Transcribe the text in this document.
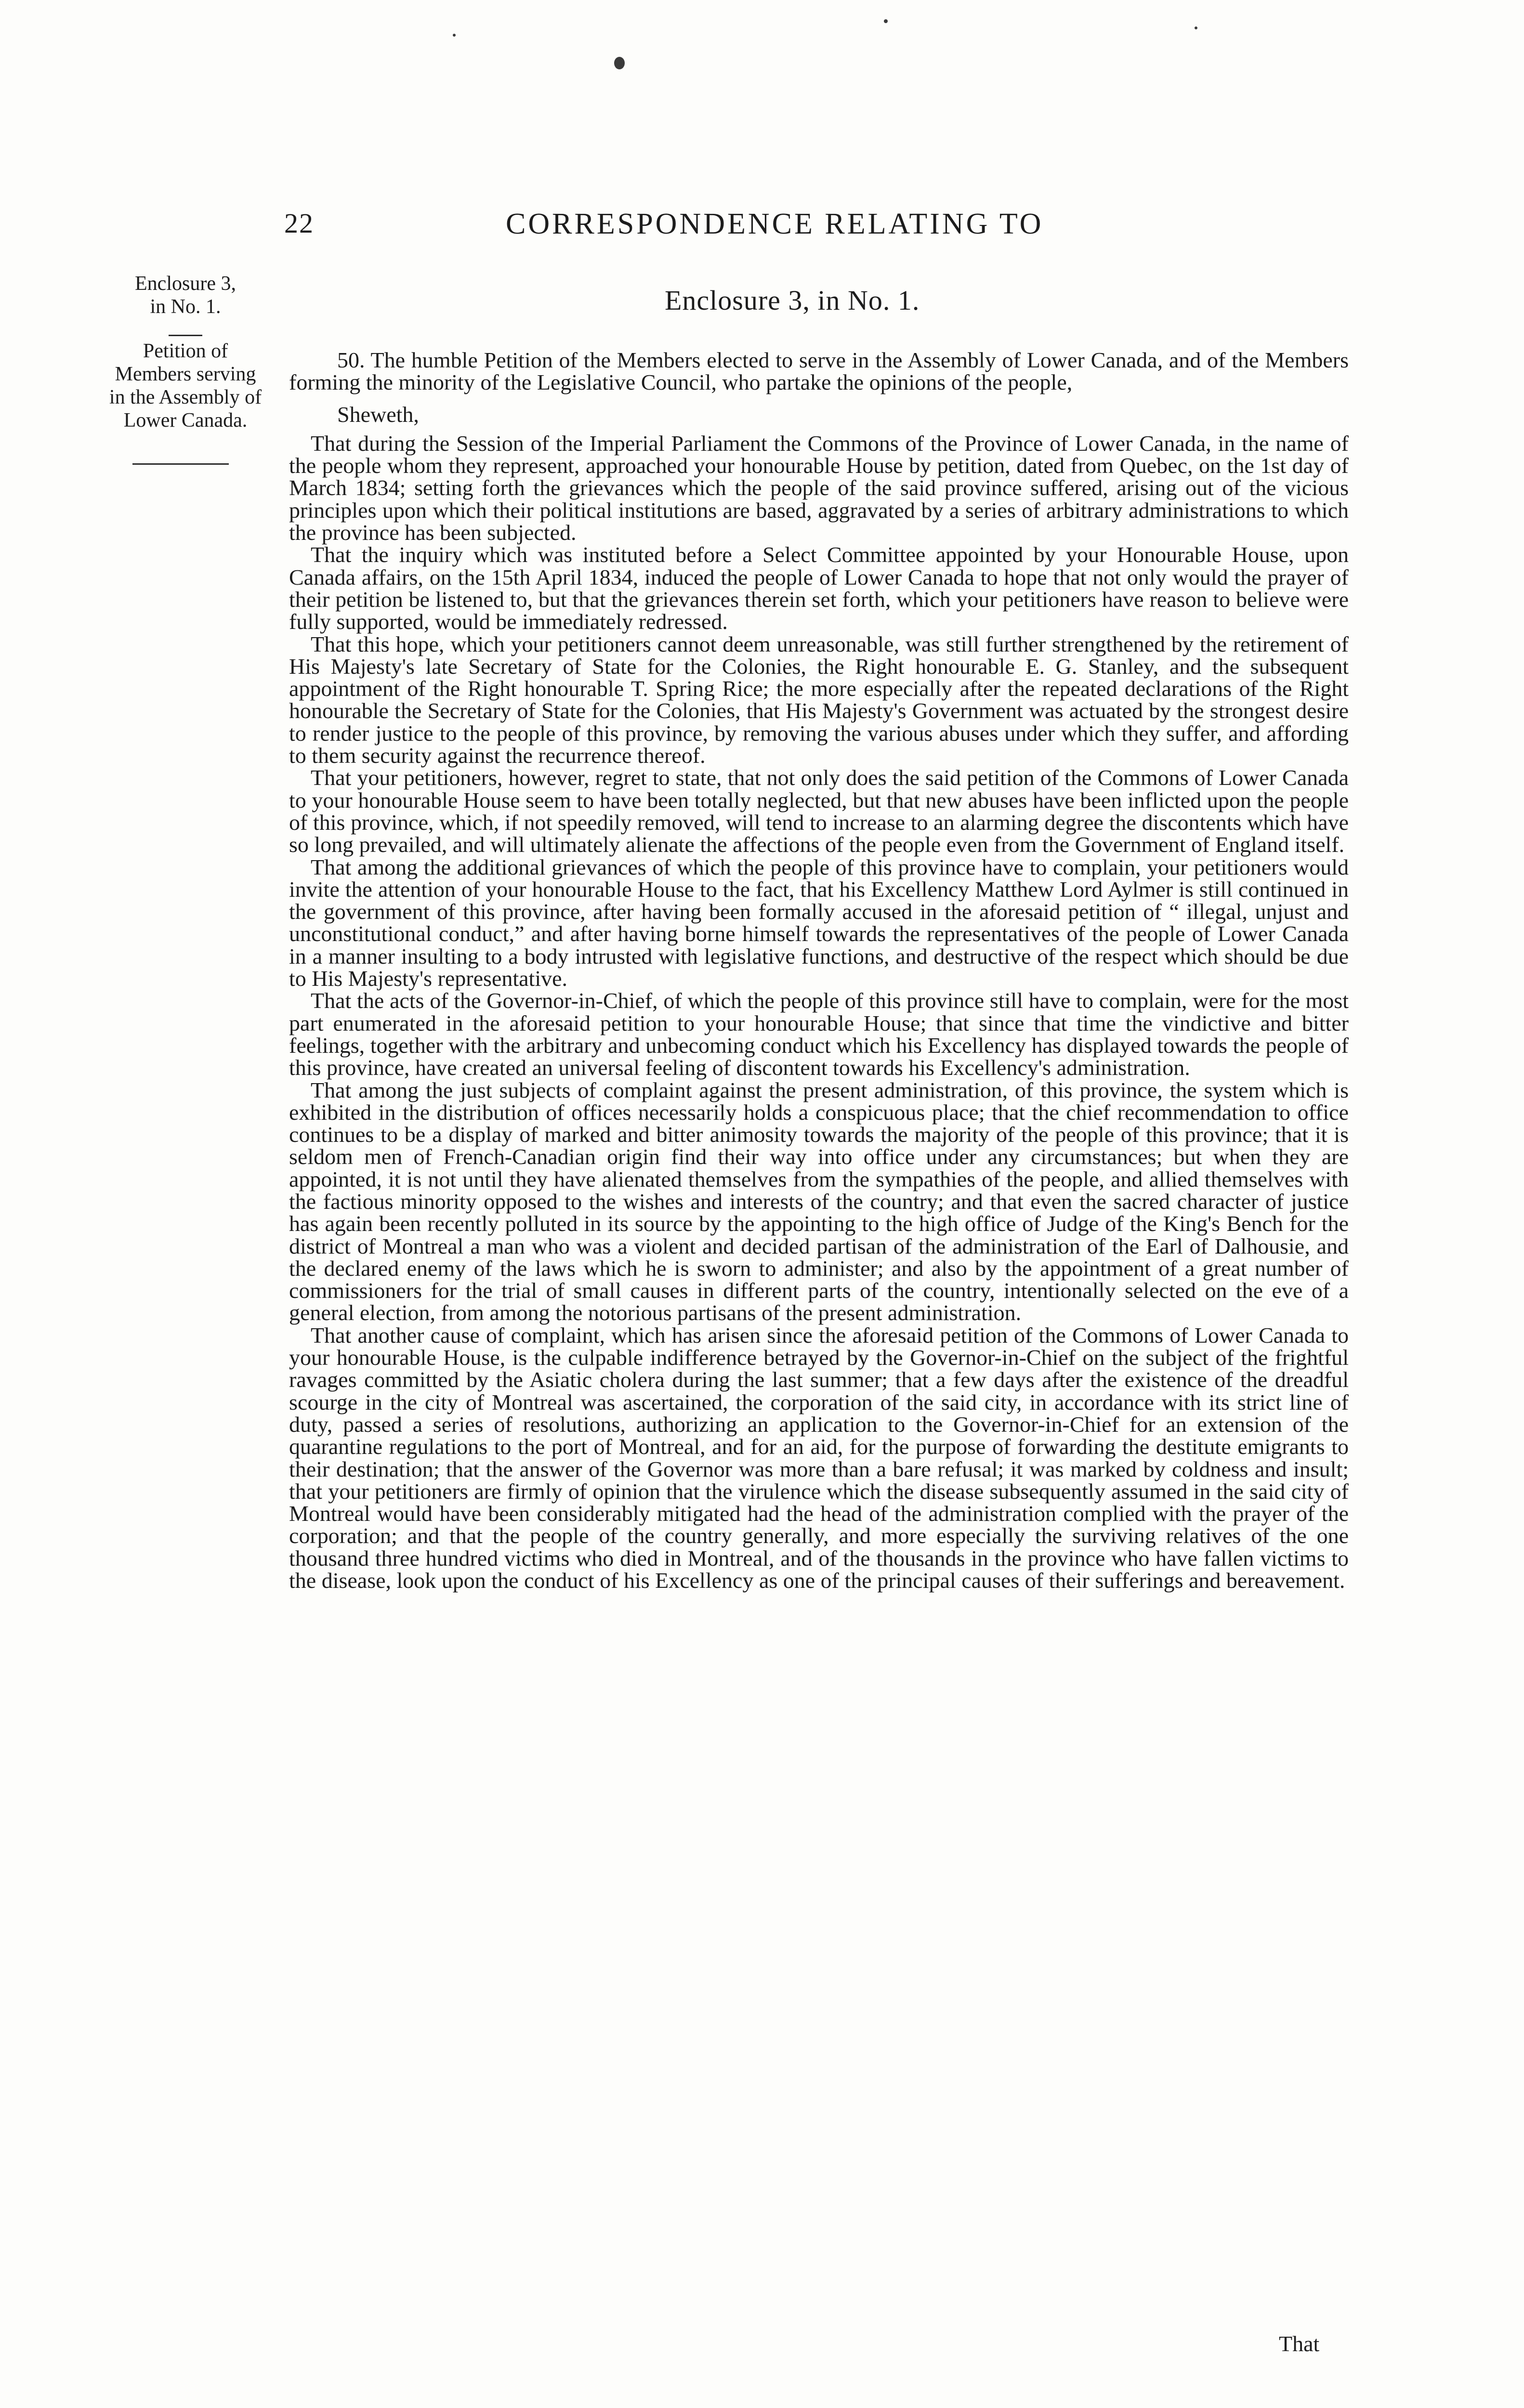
22	CORRESPONDENCE RELATING TO
Enclosure 3,
in No. 1.
Petition of
Members serving
in the Assembly of
Lower Canada.
Enclosure 3, in No. 1.

50. The humble Petition of the Members elected to serve in the Assembly of Lower Canada, and of the Members forming the minority of the Legislative Council, who partake the opinions of the people,

Sheweth,

That during the Session of the Imperial Parliament the Commons of the Province of Lower Canada, in the name of the people whom they represent, approached your honourable House by petition, dated from Quebec, on the 1st day of March 1834; setting forth the grievances which the people of the said province suffered, arising out of the vicious principles upon which their political institutions are based, aggravated by a series of arbitrary administrations to which the province has been subjected.

That the inquiry which was instituted before a Select Committee appointed by your Honourable House, upon Canada affairs, on the 15th April 1834, induced the people of Lower Canada to hope that not only would the prayer of their petition be listened to, but that the grievances therein set forth, which your petitioners have reason to believe were fully supported, would be immediately redressed.

That this hope, which your petitioners cannot deem unreasonable, was still further strengthened by the retirement of His Majesty's late Secretary of State for the Colonies, the Right honourable E. G. Stanley, and the subsequent appointment of the Right honourable T. Spring Rice; the more especially after the repeated declarations of the Right honourable the Secretary of State for the Colonies, that His Majesty's Government was actuated by the strongest desire to render justice to the people of this province, by removing the various abuses under which they suffer, and affording to them security against the recurrence thereof.

That your petitioners, however, regret to state, that not only does the said petition of the Commons of Lower Canada to your honourable House seem to have been totally neglected, but that new abuses have been inflicted upon the people of this province, which, if not speedily removed, will tend to increase to an alarming degree the discontents which have so long prevailed, and will ultimately alienate the affections of the people even from the Government of England itself.

That among the additional grievances of which the people of this province have to complain, your petitioners would invite the attention of your honourable House to the fact, that his Excellency Matthew Lord Aylmer is still continued in the government of this province, after having been formally accused in the aforesaid petition of “ illegal, unjust and unconstitutional conduct,” and after having borne himself towards the representatives of the people of Lower Canada in a manner insulting to a body intrusted with legislative functions, and destructive of the respect which should be due to His Majesty's representative.

That the acts of the Governor-in-Chief, of which the people of this province still have to complain, were for the most part enumerated in the aforesaid petition to your honourable House; that since that time the vindictive and bitter feelings, together with the arbitrary and unbecoming conduct which his Excellency has displayed towards the people of this province, have created an universal feeling of discontent towards his Excellency's administration.

That among the just subjects of complaint against the present administration, of this province, the system which is exhibited in the distribution of offices necessarily holds a conspicuous place; that the chief recommendation to office continues to be a display of marked and bitter animosity towards the majority of the people of this province; that it is seldom men of French-Canadian origin find their way into office under any circumstances; but when they are appointed, it is not until they have alienated themselves from the sympathies of the people, and allied themselves with the factious minority opposed to the wishes and interests of the country; and that even the sacred character of justice has again been recently polluted in its source by the appointing to the high office of Judge of the King's Bench for the district of Montreal a man who was a violent and decided partisan of the administration of the Earl of Dalhousie, and the declared enemy of the laws which he is sworn to administer; and also by the appointment of a great number of commissioners for the trial of small causes in different parts of the country, intentionally selected on the eve of a general election, from among the notorious partisans of the present administration.

That another cause of complaint, which has arisen since the aforesaid petition of the Commons of Lower Canada to your honourable House, is the culpable indifference betrayed by the Governor-in-Chief on the subject of the frightful ravages committed by the Asiatic cholera during the last summer; that a few days after the existence of the dreadful scourge in the city of Montreal was ascertained, the corporation of the said city, in accordance with its strict line of duty, passed a series of resolutions, authorizing an application to the Governor-in-Chief for an extension of the quarantine regulations to the port of Montreal, and for an aid, for the purpose of forwarding the destitute emigrants to their destination; that the answer of the Governor was more than a bare refusal; it was marked by coldness and insult; that your petitioners are firmly of opinion that the virulence which the disease subsequently assumed in the said city of Montreal would have been considerably mitigated had the head of the administration complied with the prayer of the corporation; and that the people of the country generally, and more especially the surviving relatives of the one thousand three hundred victims who died in Montreal, and of the thousands in the province who have fallen victims to the disease, look upon the conduct of his Excellency as one of the principal causes of their sufferings and bereavement.

That
